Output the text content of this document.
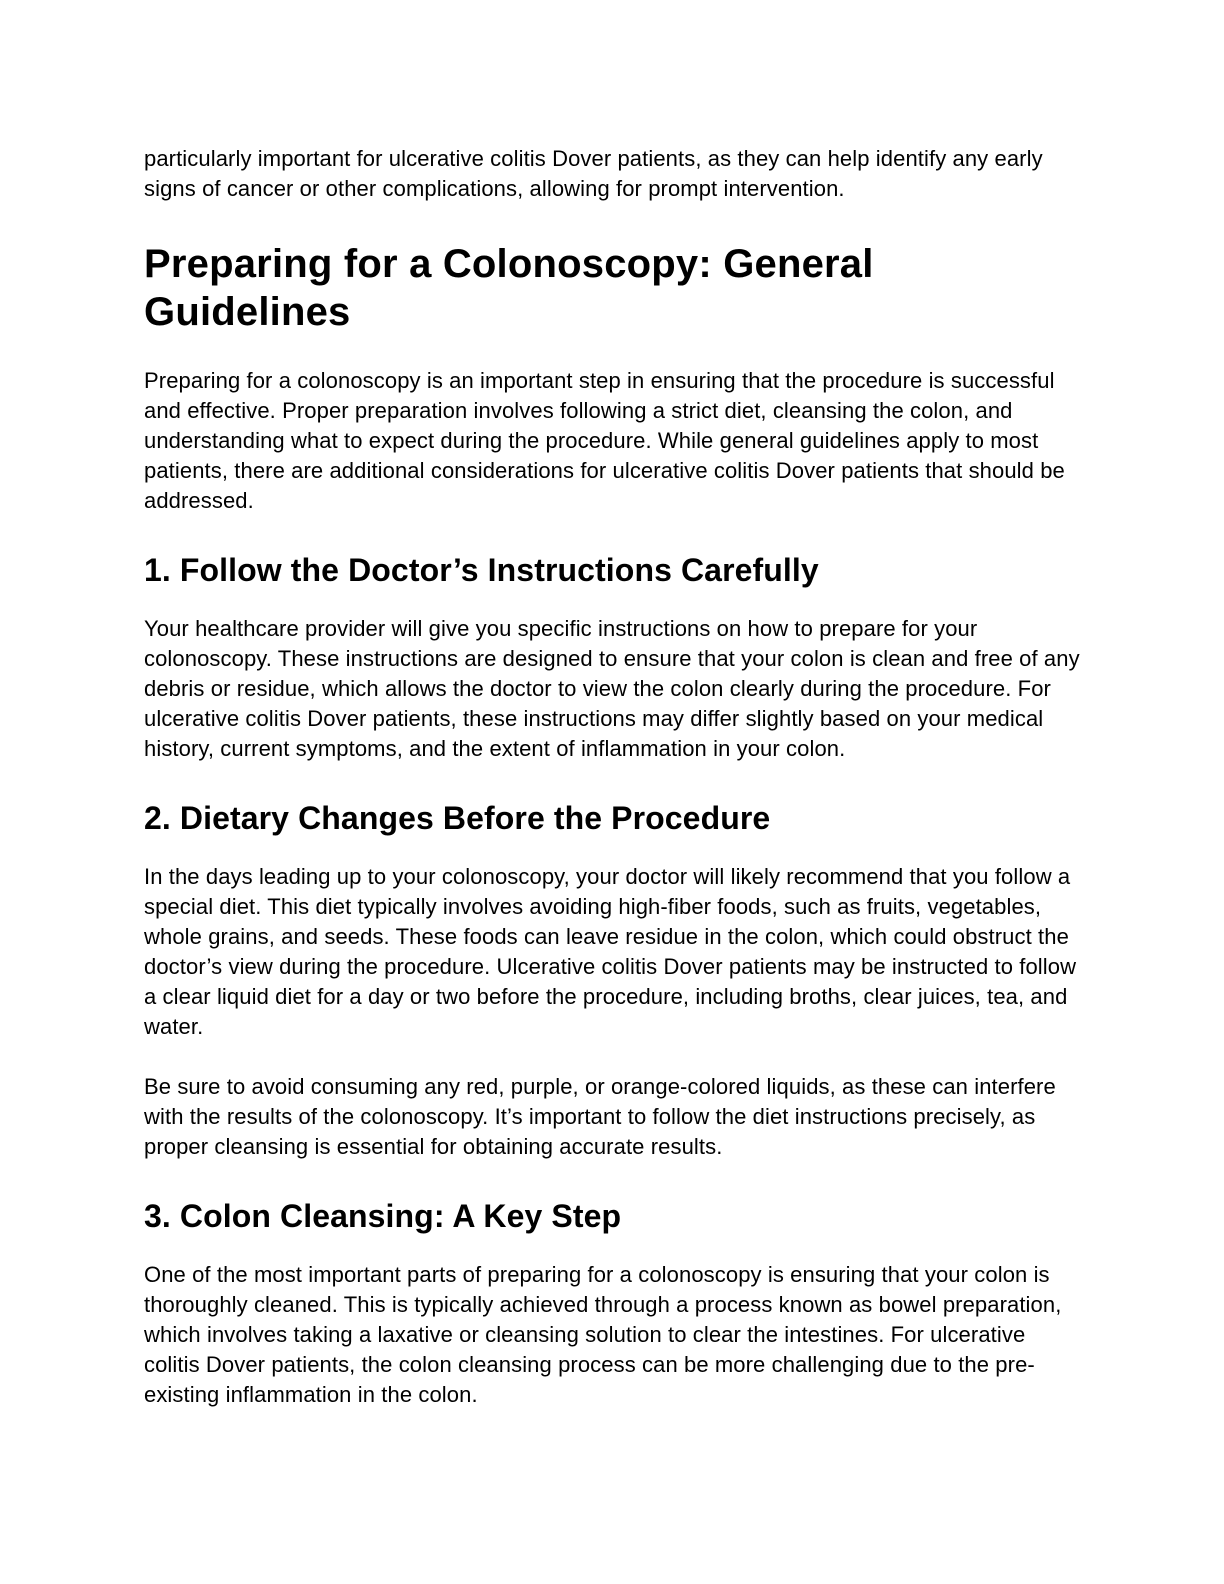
particularly important for ulcerative colitis Dover patients, as they can help identify any early signs of cancer or other complications, allowing for prompt intervention.

Preparing for a Colonoscopy: General Guidelines

Preparing for a colonoscopy is an important step in ensuring that the procedure is successful and effective. Proper preparation involves following a strict diet, cleansing the colon, and understanding what to expect during the procedure. While general guidelines apply to most patients, there are additional considerations for ulcerative colitis Dover patients that should be addressed.

1. Follow the Doctor’s Instructions Carefully

Your healthcare provider will give you specific instructions on how to prepare for your colonoscopy. These instructions are designed to ensure that your colon is clean and free of any debris or residue, which allows the doctor to view the colon clearly during the procedure. For ulcerative colitis Dover patients, these instructions may differ slightly based on your medical history, current symptoms, and the extent of inflammation in your colon.

2. Dietary Changes Before the Procedure

In the days leading up to your colonoscopy, your doctor will likely recommend that you follow a special diet. This diet typically involves avoiding high-fiber foods, such as fruits, vegetables, whole grains, and seeds. These foods can leave residue in the colon, which could obstruct the doctor’s view during the procedure. Ulcerative colitis Dover patients may be instructed to follow a clear liquid diet for a day or two before the procedure, including broths, clear juices, tea, and water.

Be sure to avoid consuming any red, purple, or orange-colored liquids, as these can interfere with the results of the colonoscopy. It’s important to follow the diet instructions precisely, as proper cleansing is essential for obtaining accurate results.

3. Colon Cleansing: A Key Step

One of the most important parts of preparing for a colonoscopy is ensuring that your colon is thoroughly cleaned. This is typically achieved through a process known as bowel preparation, which involves taking a laxative or cleansing solution to clear the intestines. For ulcerative colitis Dover patients, the colon cleansing process can be more challenging due to the pre-existing inflammation in the colon.
